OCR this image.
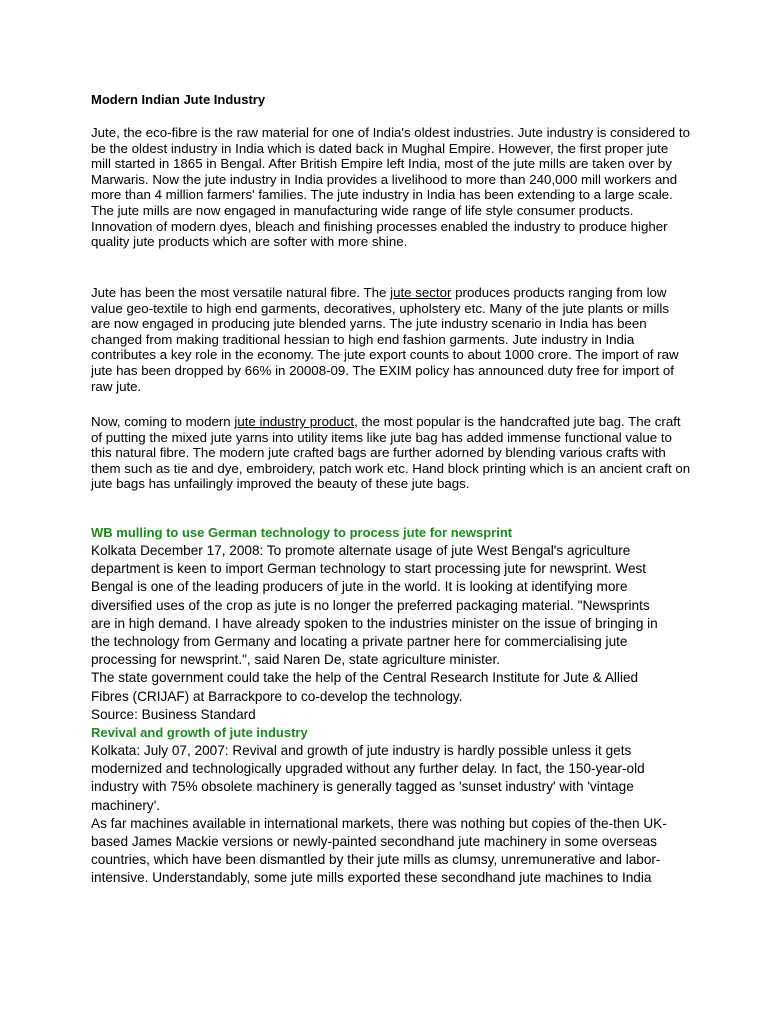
Modern Indian Jute Industry

Jute, the eco-fibre is the raw material for one of India's oldest industries. Jute industry is considered to be the oldest industry in India which is dated back in Mughal Empire. However, the first proper jute mill started in 1865 in Bengal. After British Empire left India, most of the jute mills are taken over by Marwaris. Now the jute industry in India provides a livelihood to more than 240,000 mill workers and more than 4 million farmers' families. The jute industry in India has been extending to a large scale. The jute mills are now engaged in manufacturing wide range of life style consumer products. Innovation of modern dyes, bleach and finishing processes enabled the industry to produce higher quality jute products which are softer with more shine.

Jute has been the most versatile natural fibre. The jute sector produces products ranging from low value geo-textile to high end garments, decoratives, upholstery etc. Many of the jute plants or mills are now engaged in producing jute blended yarns. The jute industry scenario in India has been changed from making traditional hessian to high end fashion garments. Jute industry in India contributes a key role in the economy. The jute export counts to about 1000 crore. The import of raw jute has been dropped by 66% in 20008-09. The EXIM policy has announced duty free for import of raw jute.

Now, coming to modern jute industry product, the most popular is the handcrafted jute bag. The craft of putting the mixed jute yarns into utility items like jute bag has added immense functional value to this natural fibre. The modern jute crafted bags are further adorned by blending various crafts with them such as tie and dye, embroidery, patch work etc. Hand block printing which is an ancient craft on jute bags has unfailingly improved the beauty of these jute bags.

WB mulling to use German technology to process jute for newsprint

Kolkata December 17, 2008: To promote alternate usage of jute West Bengal's agriculture

department is keen to import German technology to start processing jute for newsprint. West

Bengal is one of the leading producers of jute in the world. It is looking at identifying more

diversified uses of the crop as jute is no longer the preferred packaging material. "Newsprints

are in high demand. I have already spoken to the industries minister on the issue of bringing in

the technology from Germany and locating a private partner here for commercialising jute

processing for newsprint.", said Naren De, state agriculture minister.

The state government could take the help of the Central Research Institute for Jute & Allied

Fibres (CRIJAF) at Barrackpore to co-develop the technology.

Source: Business Standard

Revival and growth of jute industry

Kolkata: July 07, 2007: Revival and growth of jute industry is hardly possible unless it gets

modernized and technologically upgraded without any further delay. In fact, the 150-year-old

industry with 75% obsolete machinery is generally tagged as 'sunset industry' with 'vintage

machinery'.

As far machines available in international markets, there was nothing but copies of the-then UK-

based James Mackie versions or newly-painted secondhand jute machinery in some overseas

countries, which have been dismantled by their jute mills as clumsy, unremunerative and labor-

intensive. Understandably, some jute mills exported these secondhand jute machines to India
